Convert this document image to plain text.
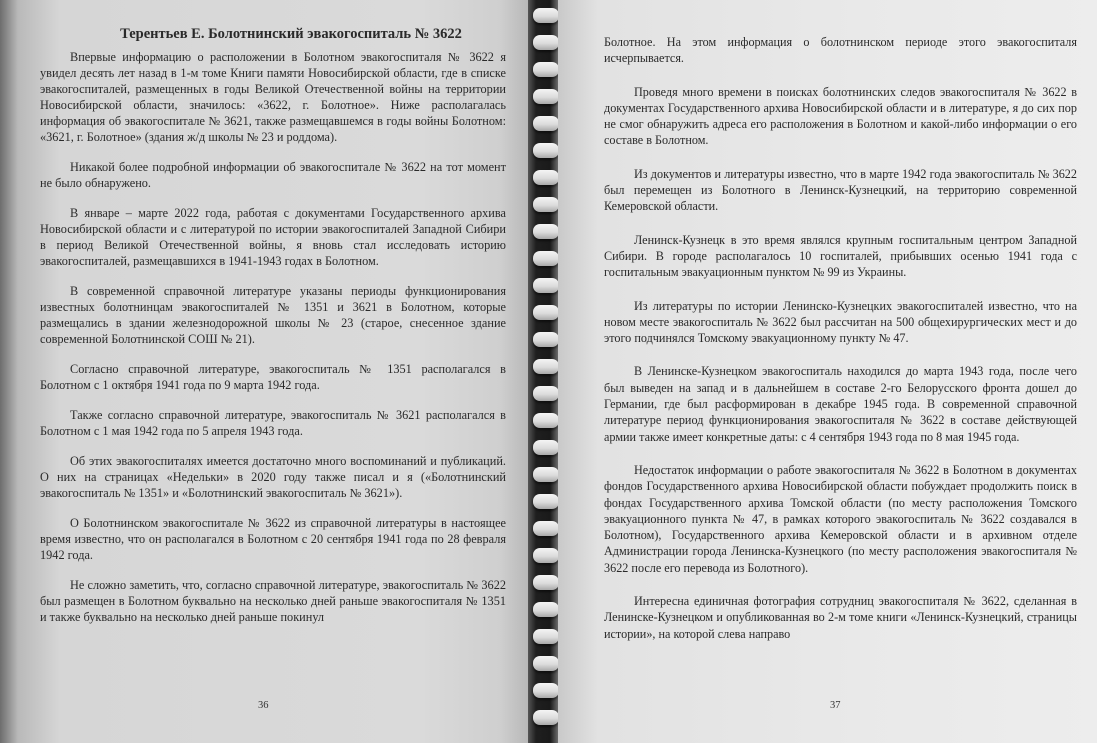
Терентьев Е. Болотнинский эвакогоспиталь № 3622

Впервые информацию о расположении в Болотном эвакогоспиталя № 3622 я увидел десять лет назад в 1-м томе Книги памяти Новосибирской области, где в списке эвакогоспиталей, размещенных в годы Великой Отечественной войны на территории Новосибирской области, значилось: «3622, г. Болотное». Ниже располагалась информация об эвакогоспитале № 3621, также размещавшемся в годы войны Болотном: «3621, г. Болотное» (здания ж/д школы № 23 и роддома).

Никакой более подробной информации об эвакогоспитале № 3622 на тот момент не было обнаружено.

В январе – марте 2022 года, работая с документами Государственного архива Новосибирской области и с литературой по истории эвакогоспиталей Западной Сибири в период Великой Отечественной войны, я вновь стал исследовать историю эвакогоспиталей, размещавшихся в 1941-1943 годах в Болотном.

В современной справочной литературе указаны периоды функционирования известных болотнинцам эвакогоспиталей № 1351 и 3621 в Болотном, которые размещались в здании железнодорожной школы № 23 (старое, снесенное здание современной Болотнинской СОШ № 21).

Согласно справочной литературе, эвакогоспиталь № 1351 располагался в Болотном с 1 октября 1941 года по 9 марта 1942 года.

Также согласно справочной литературе, эвакогоспиталь № 3621 располагался в Болотном с 1 мая 1942 года по 5 апреля 1943 года.

Об этих эвакогоспиталях имеется достаточно много воспоминаний и публикаций. О них на страницах «Недельки» в 2020 году также писал и я («Болотнинский эвакогоспиталь № 1351» и «Болотнинский эвакогоспиталь № 3621»).

О Болотнинском эвакогоспитале № 3622 из справочной литературы в настоящее время известно, что он располагался в Болотном с 20 сентября 1941 года по 28 февраля 1942 года.

Не сложно заметить, что, согласно справочной литературе, эвакогоспиталь № 3622 был размещен в Болотном буквально на несколько дней раньше эвакогоспиталя № 1351 и также буквально на несколько дней раньше покинул

36

Болотное. На этом информация о болотнинском периоде этого эвакогоспиталя исчерпывается.

Проведя много времени в поисках болотнинских следов эвакогоспиталя № 3622 в документах Государственного архива Новосибирской области и в литературе, я до сих пор не смог обнаружить адреса его расположения в Болотном и какой-либо информации о его составе в Болотном.

Из документов и литературы известно, что в марте 1942 года эвакогоспиталь № 3622 был перемещен из Болотного в Ленинск-Кузнецкий, на территорию современной Кемеровской области.

Ленинск-Кузнецк в это время являлся крупным госпитальным центром Западной Сибири. В городе располагалось 10 госпиталей, прибывших осенью 1941 года с госпитальным эвакуационным пунктом № 99 из Украины.

Из литературы по истории Ленинско-Кузнецких эвакогоспиталей известно, что на новом месте эвакогоспиталь № 3622 был рассчитан на 500 общехирургических мест и до этого подчинялся Томскому эвакуационному пункту № 47.

В Ленинске-Кузнецком эвакогоспиталь находился до марта 1943 года, после чего был выведен на запад и в дальнейшем в составе 2-го Белорусского фронта дошел до Германии, где был расформирован в декабре 1945 года. В современной справочной литературе период функционирования эвакогоспиталя № 3622 в составе действующей армии также имеет конкретные даты: с 4 сентября 1943 года по 8 мая 1945 года.

Недостаток информации о работе эвакогоспиталя № 3622 в Болотном в документах фондов Государственного архива Новосибирской области побуждает продолжить поиск в фондах Государственного архива Томской области (по месту расположения Томского эвакуационного пункта № 47, в рамках которого эвакогоспиталь № 3622 создавался в Болотном), Государственного архива Кемеровской области и в архивном отделе Администрации города Ленинска-Кузнецкого (по месту расположения эвакогоспиталя № 3622 после его перевода из Болотного).

Интересна единичная фотография сотрудниц эвакогоспиталя № 3622, сделанная в Ленинске-Кузнецком и опубликованная во 2-м томе книги «Ленинск-Кузнецкий, страницы истории», на которой слева направо

37
